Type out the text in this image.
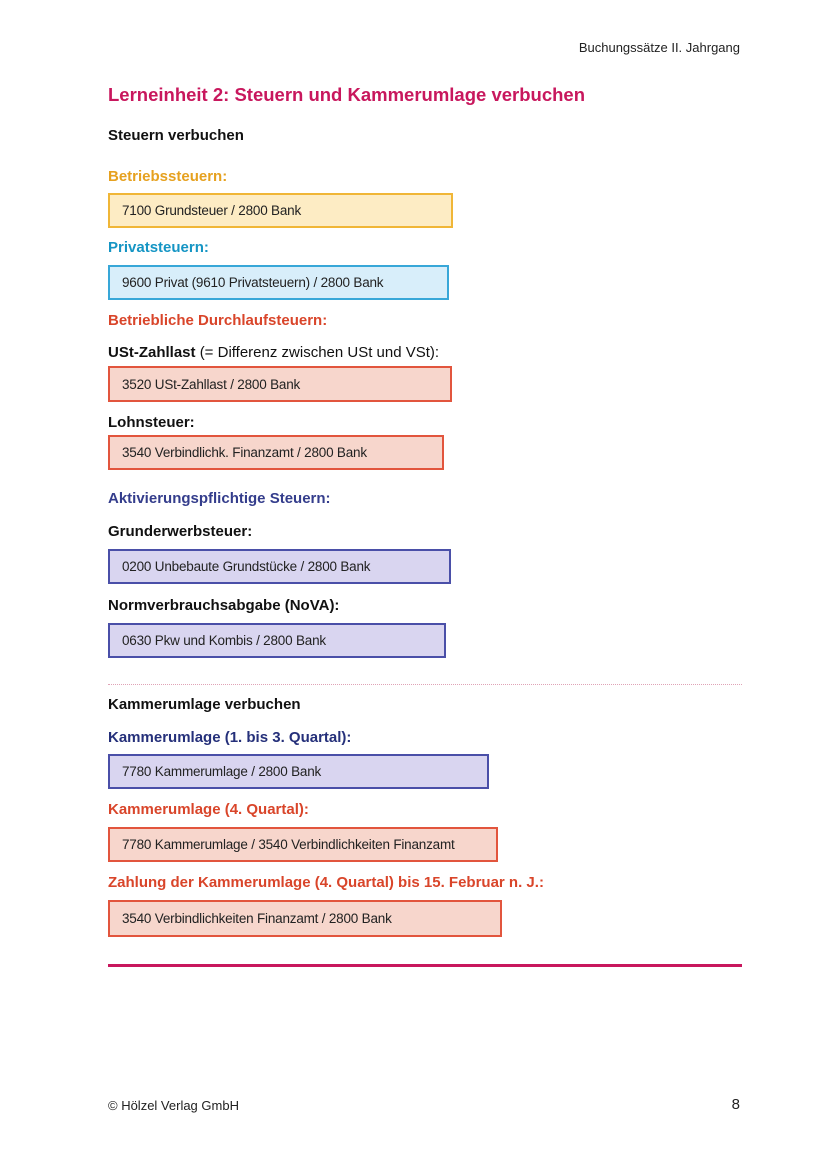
Buchungssätze II. Jahrgang
Lerneinheit 2: Steuern und Kammerumlage verbuchen
Steuern verbuchen
Betriebssteuern:
7100 Grundsteuer / 2800 Bank
Privatsteuern:
9600 Privat (9610 Privatsteuern) / 2800 Bank
Betriebliche Durchlaufsteuern:
USt-Zahllast (= Differenz zwischen USt und VSt):
3520 USt-Zahllast / 2800 Bank
Lohnsteuer:
3540 Verbindlichk. Finanzamt / 2800 Bank
Aktivierungspflichtige Steuern:
Grunderwerbsteuer:
0200 Unbebaute Grundstücke / 2800 Bank
Normverbrauchsabgabe (NoVA):
0630 Pkw und Kombis / 2800 Bank
Kammerumlage verbuchen
Kammerumlage (1. bis 3. Quartal):
7780 Kammerumlage / 2800 Bank
Kammerumlage (4. Quartal):
7780 Kammerumlage / 3540 Verbindlichkeiten Finanzamt
Zahlung der Kammerumlage (4. Quartal) bis 15. Februar n. J.:
3540 Verbindlichkeiten Finanzamt / 2800 Bank
© Hölzel Verlag GmbH	8
